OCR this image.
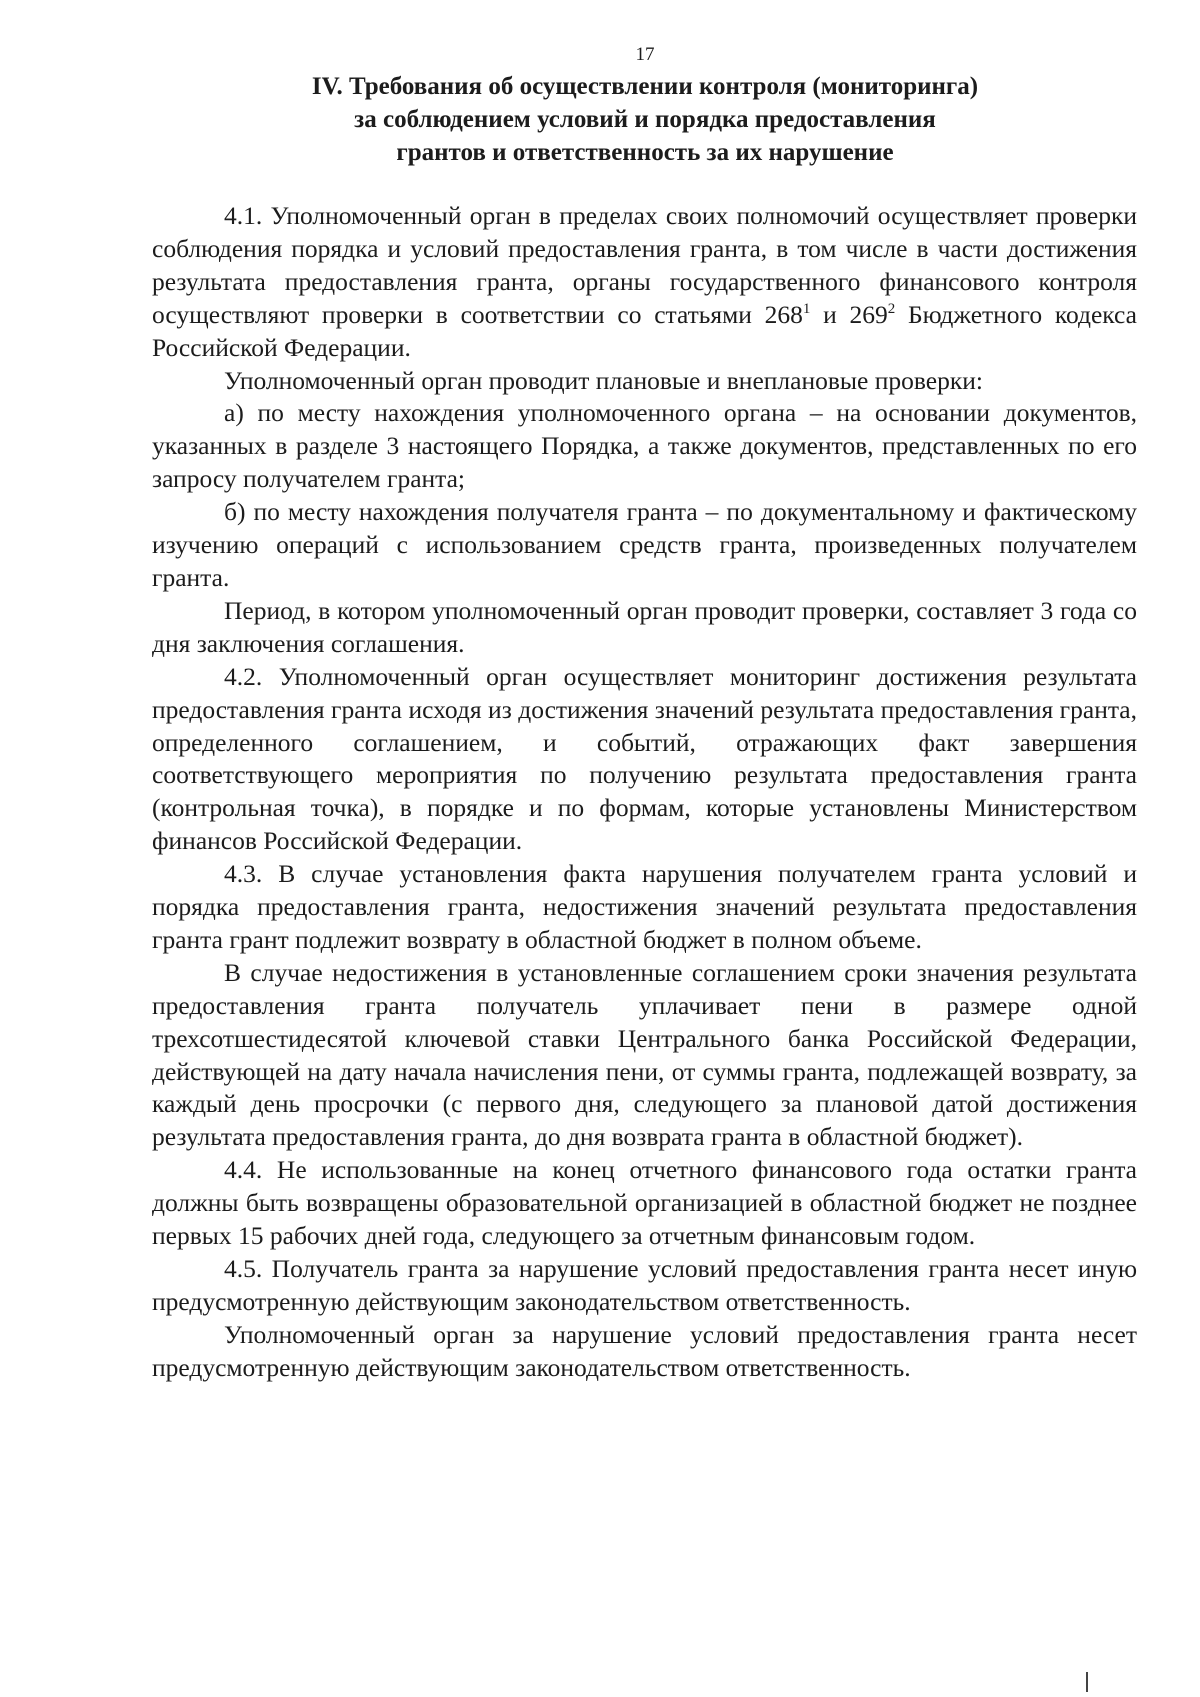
17
IV. Требования об осуществлении контроля (мониторинга)
за соблюдением условий и порядка предоставления
грантов и ответственность за их нарушение

4.1. Уполномоченный орган в пределах своих полномочий осуществляет проверки соблюдения порядка и условий предоставления гранта, в том числе в части достижения результата предоставления гранта, органы государственного финансового контроля осуществляют проверки в соответствии со статьями $268^1$ и $269^2$ Бюджетного кодекса Российской Федерации.

Уполномоченный орган проводит плановые и внеплановые проверки:

а) по месту нахождения уполномоченного органа – на основании документов, указанных в разделе 3 настоящего Порядка, а также документов, представленных по его запросу получателем гранта;

б) по месту нахождения получателя гранта – по документальному и фактическому изучению операций с использованием средств гранта, произведенных получателем гранта.

Период, в котором уполномоченный орган проводит проверки, составляет 3 года со дня заключения соглашения.

4.2. Уполномоченный орган осуществляет мониторинг достижения результата предоставления гранта исходя из достижения значений результата предоставления гранта, определенного соглашением, и событий, отражающих факт завершения соответствующего мероприятия по получению результата предоставления гранта (контрольная точка), в порядке и по формам, которые установлены Министерством финансов Российской Федерации.

4.3. В случае установления факта нарушения получателем гранта условий и порядка предоставления гранта, недостижения значений результата предоставления гранта грант подлежит возврату в областной бюджет в полном объеме.

В случае недостижения в установленные соглашением сроки значения результата предоставления гранта получатель уплачивает пени в размере одной трехсотшестидесятой ключевой ставки Центрального банка Российской Федерации, действующей на дату начала начисления пени, от суммы гранта, подлежащей возврату, за каждый день просрочки (с первого дня, следующего за плановой датой достижения результата предоставления гранта, до дня возврата гранта в областной бюджет).

4.4. Не использованные на конец отчетного финансового года остатки гранта должны быть возвращены образовательной организацией в областной бюджет не позднее первых 15 рабочих дней года, следующего за отчетным финансовым годом.

4.5. Получатель гранта за нарушение условий предоставления гранта несет иную предусмотренную действующим законодательством ответственность.

Уполномоченный орган за нарушение условий предоставления гранта несет предусмотренную действующим законодательством ответственность.
